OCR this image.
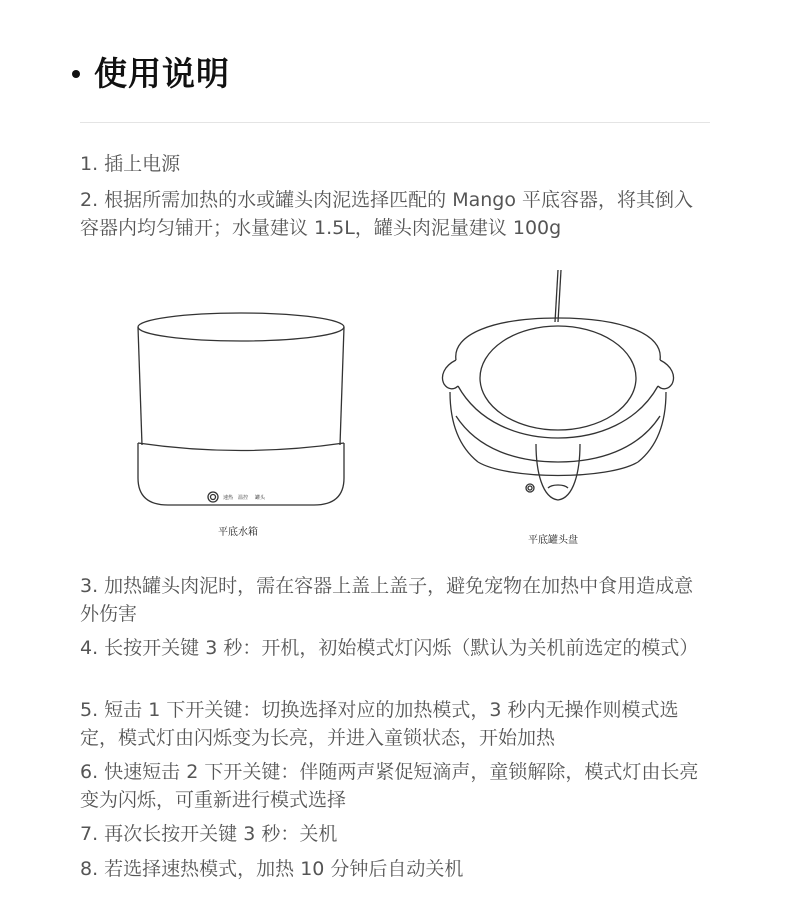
使用说明
1. 插上电源
2. 根据所需加热的水或罐头肉泥选择匹配的 Mango 平底容器，将其倒入容器内均匀铺开；水量建议 1.5L，罐头肉泥量建议 100g
速热 温控 罐头
平底水箱
平底罐头盘
3. 加热罐头肉泥时，需在容器上盖上盖子，避免宠物在加热中食用造成意外伤害
4. 长按开关键 3 秒：开机，初始模式灯闪烁（默认为关机前选定的模式）
5. 短击 1 下开关键：切换选择对应的加热模式，3 秒内无操作则模式选定，模式灯由闪烁变为长亮，并进入童锁状态，开始加热
6. 快速短击 2 下开关键：伴随两声紧促短滴声，童锁解除，模式灯由长亮变为闪烁，可重新进行模式选择
7. 再次长按开关键 3 秒：关机
8. 若选择速热模式，加热 10 分钟后自动关机
